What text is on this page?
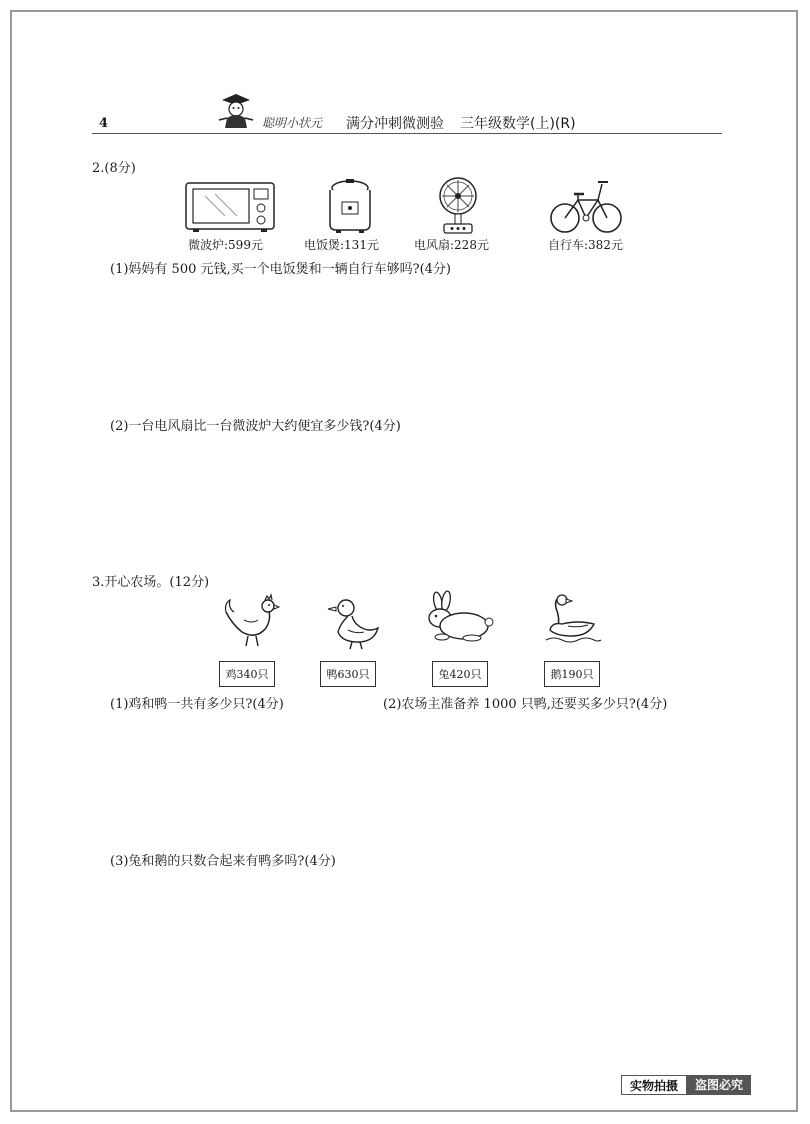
4	聪明小状元 满分冲刺微测验 三年级数学(上)(R)
2.(8分)
微波炉:599元	电饭煲:131元	电风扇:228元	自行车:382元
(1)妈妈有 500 元钱,买一个电饭煲和一辆自行车够吗?(4分)
(2)一台电风扇比一台微波炉大约便宜多少钱?(4分)
3.开心农场。(12分)
鸡340只	鸭630只	兔420只	鹅190只
(1)鸡和鸭一共有多少只?(4分)	(2)农场主准备养 1000 只鸭,还要买多少只?(4分)
(3)兔和鹅的只数合起来有鸭多吗?(4分)
实物拍摄	盗图必究
